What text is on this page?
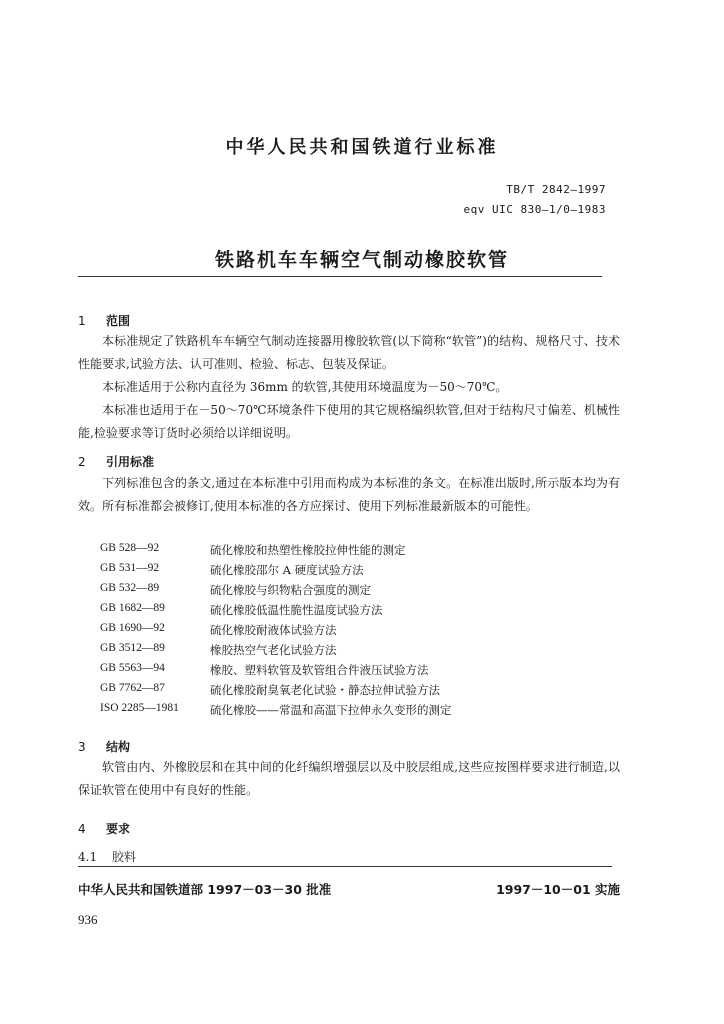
中华人民共和国铁道行业标准
TB/T 2842—1997
eqv UIC 830—1/0—1983
铁路机车车辆空气制动橡胶软管
1 范围
本标准规定了铁路机车车辆空气制动连接器用橡胶软管(以下简称“软管”)的结构、规格尺寸、技术性能要求,试验方法、认可准则、检验、标志、包装及保证。
本标准适用于公称内直径为 36mm 的软管,其使用环境温度为－50～70℃。
本标准也适用于在－50～70℃环境条件下使用的其它规格编织软管,但对于结构尺寸偏差、机械性能,检验要求等订货时必须给以详细说明。
2 引用标准
下列标准包含的条文,通过在本标准中引用而构成为本标准的条文。在标准出版时,所示版本均为有效。所有标准都会被修订,使用本标准的各方应探讨、使用下列标准最新版本的可能性。
GB 528—92	硫化橡胶和热塑性橡胶拉伸性能的测定
GB 531—92	硫化橡胶邵尔 A 硬度试验方法
GB 532—89	硫化橡胶与织物粘合强度的测定
GB 1682—89	硫化橡胶低温性脆性温度试验方法
GB 1690—92	硫化橡胶耐液体试验方法
GB 3512—89	橡胶热空气老化试验方法
GB 5563—94	橡胶、塑料软管及软管组合件液压试验方法
GB 7762—87	硫化橡胶耐臭氧老化试验・静态拉伸试验方法
ISO 2285—1981	硫化橡胶——常温和高温下拉伸永久变形的测定
3 结构
软管由内、外橡胶层和在其中间的化纤编织增强层以及中胶层组成,这些应按图样要求进行制造,以保证软管在使用中有良好的性能。
4 要求
4.1 胶料
中华人民共和国铁道部 1997－03－30 批准	1997－10－01 实施
936
